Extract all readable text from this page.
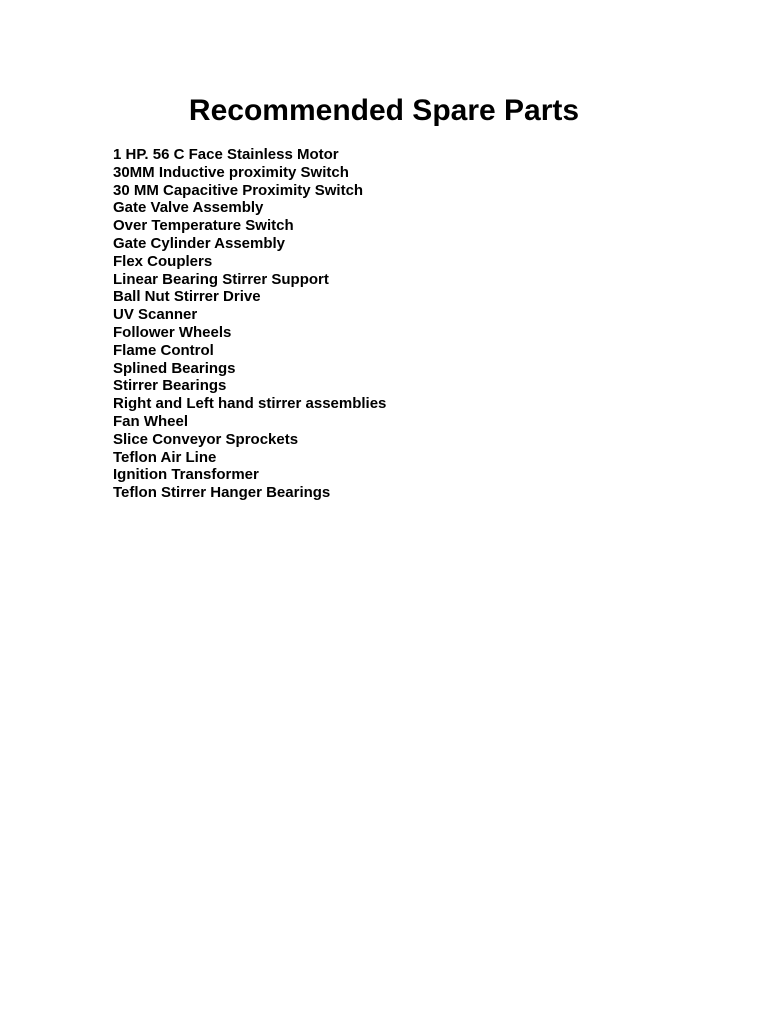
Recommended Spare Parts
1 HP. 56 C Face Stainless Motor
30MM Inductive proximity Switch
30 MM Capacitive Proximity Switch
Gate Valve Assembly
Over Temperature Switch
Gate Cylinder Assembly
Flex Couplers
Linear Bearing Stirrer Support
Ball Nut Stirrer Drive
UV Scanner
Follower Wheels
Flame Control
Splined Bearings
Stirrer Bearings
Right and Left hand stirrer assemblies
Fan Wheel
Slice Conveyor Sprockets
Teflon Air Line
Ignition Transformer
Teflon Stirrer Hanger Bearings
